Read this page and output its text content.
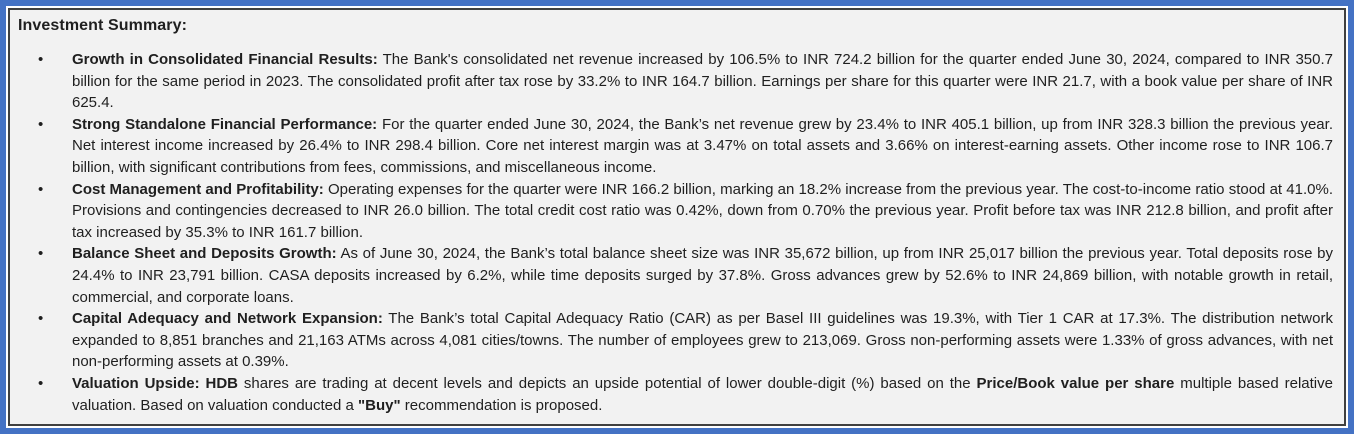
Investment Summary:
•	Growth in Consolidated Financial Results: The Bank's consolidated net revenue increased by 106.5% to INR 724.2 billion for the quarter ended June 30, 2024, compared to INR 350.7 billion for the same period in 2023. The consolidated profit after tax rose by 33.2% to INR 164.7 billion. Earnings per share for this quarter were INR 21.7, with a book value per share of INR 625.4.

•	Strong Standalone Financial Performance: For the quarter ended June 30, 2024, the Bank’s net revenue grew by 23.4% to INR 405.1 billion, up from INR 328.3 billion the previous year. Net interest income increased by 26.4% to INR 298.4 billion. Core net interest margin was at 3.47% on total assets and 3.66% on interest-earning assets. Other income rose to INR 106.7 billion, with significant contributions from fees, commissions, and miscellaneous income.

•	Cost Management and Profitability: Operating expenses for the quarter were INR 166.2 billion, marking an 18.2% increase from the previous year. The cost-to-income ratio stood at 41.0%. Provisions and contingencies decreased to INR 26.0 billion. The total credit cost ratio was 0.42%, down from 0.70% the previous year. Profit before tax was INR 212.8 billion, and profit after tax increased by 35.3% to INR 161.7 billion.

•	Balance Sheet and Deposits Growth: As of June 30, 2024, the Bank’s total balance sheet size was INR 35,672 billion, up from INR 25,017 billion the previous year. Total deposits rose by 24.4% to INR 23,791 billion. CASA deposits increased by 6.2%, while time deposits surged by 37.8%. Gross advances grew by 52.6% to INR 24,869 billion, with notable growth in retail, commercial, and corporate loans.

•	Capital Adequacy and Network Expansion: The Bank’s total Capital Adequacy Ratio (CAR) as per Basel III guidelines was 19.3%, with Tier 1 CAR at 17.3%. The distribution network expanded to 8,851 branches and 21,163 ATMs across 4,081 cities/towns. The number of employees grew to 213,069. Gross non-performing assets were 1.33% of gross advances, with net non-performing assets at 0.39%.

•	Valuation Upside: HDB shares are trading at decent levels and depicts an upside potential of lower double-digit (%) based on the Price/Book value per share multiple based relative valuation. Based on valuation conducted a "Buy" recommendation is proposed.
